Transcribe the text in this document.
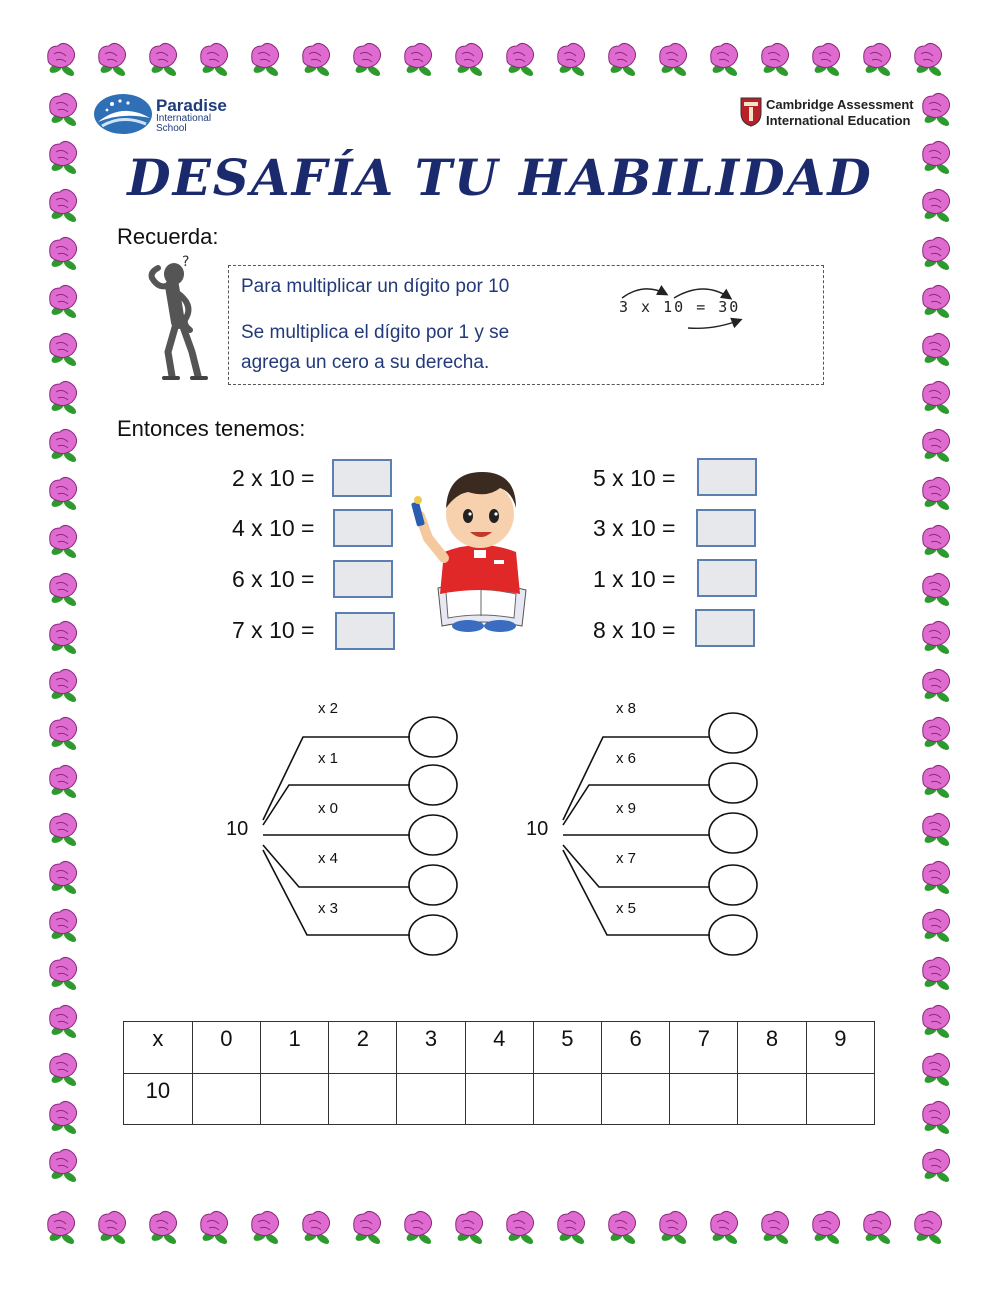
Paradise
International
School
Cambridge Assessment
International Education
DESAFÍA TU HABILIDAD
Recuerda:
?
Para multiplicar un dígito por 10
Se multiplica el dígito por 1 y se
agrega un cero a su derecha.
3 x 10 = 30
Entonces tenemos:
2 x 10 =
4 x 10 =
6 x 10 =
7 x 10 =
5 x 10 =
3 x 10 =
1 x 10 =
8 x 10 =
10
x 2
x 1
x 0
x 4
x 3
10
x 8
x 6
x 9
x 7
x 5
x	0	1	2	3	4	5	6	7	8	9
10										
